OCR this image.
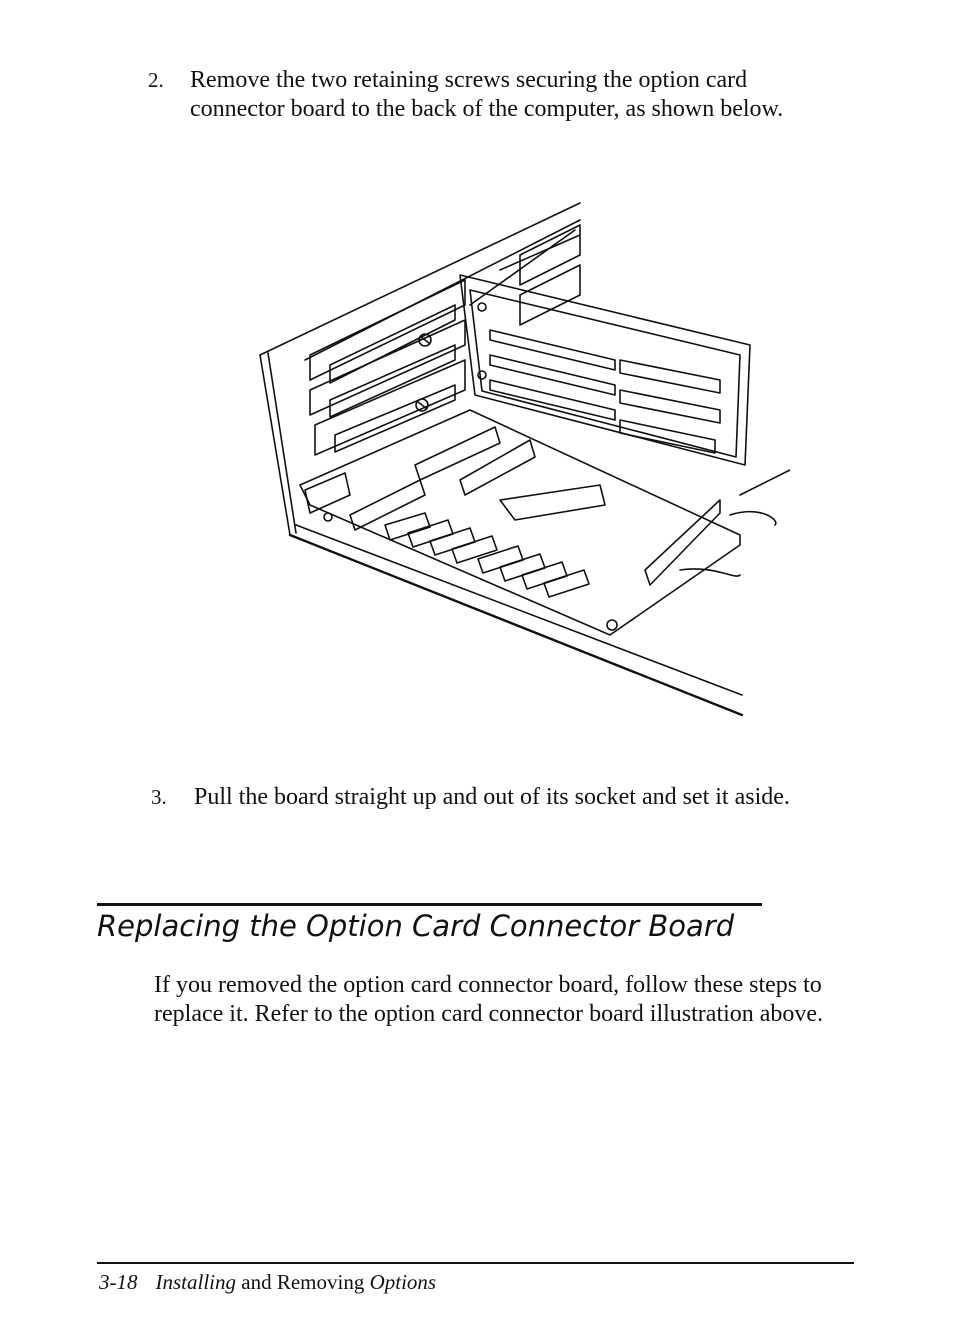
2. Remove the two retaining screws securing the option card connector board to the back of the computer, as shown below.
3. Pull the board straight up and out of its socket and set it aside.
Replacing the Option Card Connector Board
If you removed the option card connector board, follow these steps to replace it. Refer to the option card connector board illustration above.
3-18 Installing and Removing Options
